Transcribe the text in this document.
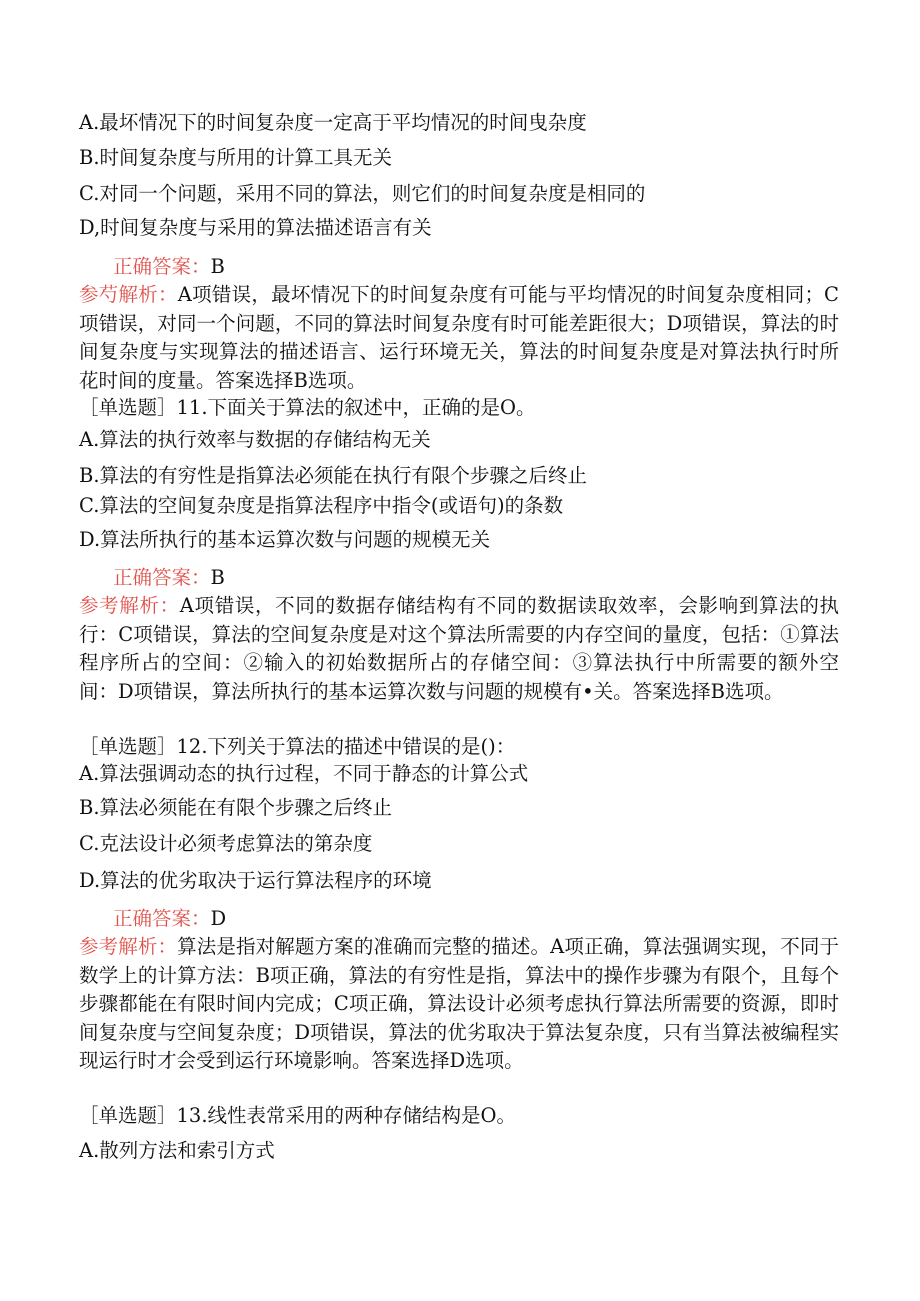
A.最坏情况下的时间复杂度一定高于平均情况的时间曳杂度
B.时间复杂度与所用的计算工具无关
C.对同一个问题，采用不同的算法，则它们的时间复杂度是相同的
D,时间复杂度与采用的算法描述语言有关
正确答案：B
参芍解析：A项错误，最坏情况下的时间复杂度有可能与平均情况的时间复杂度相同；C项错误，对同一个问题，不同的算法时间复杂度有时可能差距很大；D项错误，算法的时间复杂度与实现算法的描述语言、运行环境无关，算法的时间复杂度是对算法执行时所花时间的度量。答案选择B选项。
［单选题］11.下面关于算法的叙述中，正确的是O。
A.算法的执行效率与数据的存储结构无关
B.算法的有穷性是指算法必须能在执行有限个步骤之后终止
C.算法的空间复杂度是指算法程序中指令(或语句)的条数
D.算法所执行的基本运算次数与问题的规模无关
正确答案：B
参考解析：A项错误，不同的数据存储结构有不同的数据读取效率，会影响到算法的执行：C项错误，算法的空间复杂度是对这个算法所需要的内存空间的量度，包括：①算法程序所占的空间：②输入的初始数据所占的存储空间：③算法执行中所需要的额外空间：D项错误，算法所执行的基本运算次数与问题的规模有•关。答案选择B选项。
［单选题］12.下列关于算法的描述中错误的是()：
A.算法强调动态的执行过程，不同于静态的计算公式
B.算法必须能在有限个步骤之后终止
C.克法设计必须考虑算法的第杂度
D.算法的优劣取决于运行算法程序的环境
正确答案：D
参考解析：算法是指对解题方案的准确而完整的描述。A项正确，算法强调实现，不同于数学上的计算方法：B项正确，算法的有穷性是指，算法中的操作步骤为有限个，且每个步骤都能在有限时间内完成；C项正确，算法设计必须考虑执行算法所需要的资源，即时间复杂度与空间复杂度；D项错误，算法的优劣取决于算法复杂度，只有当算法被编程实现运行时才会受到运行环境影响。答案选择D选项。
［单选题］13.线性表常采用的两种存储结构是O。
A.散列方法和索引方式
